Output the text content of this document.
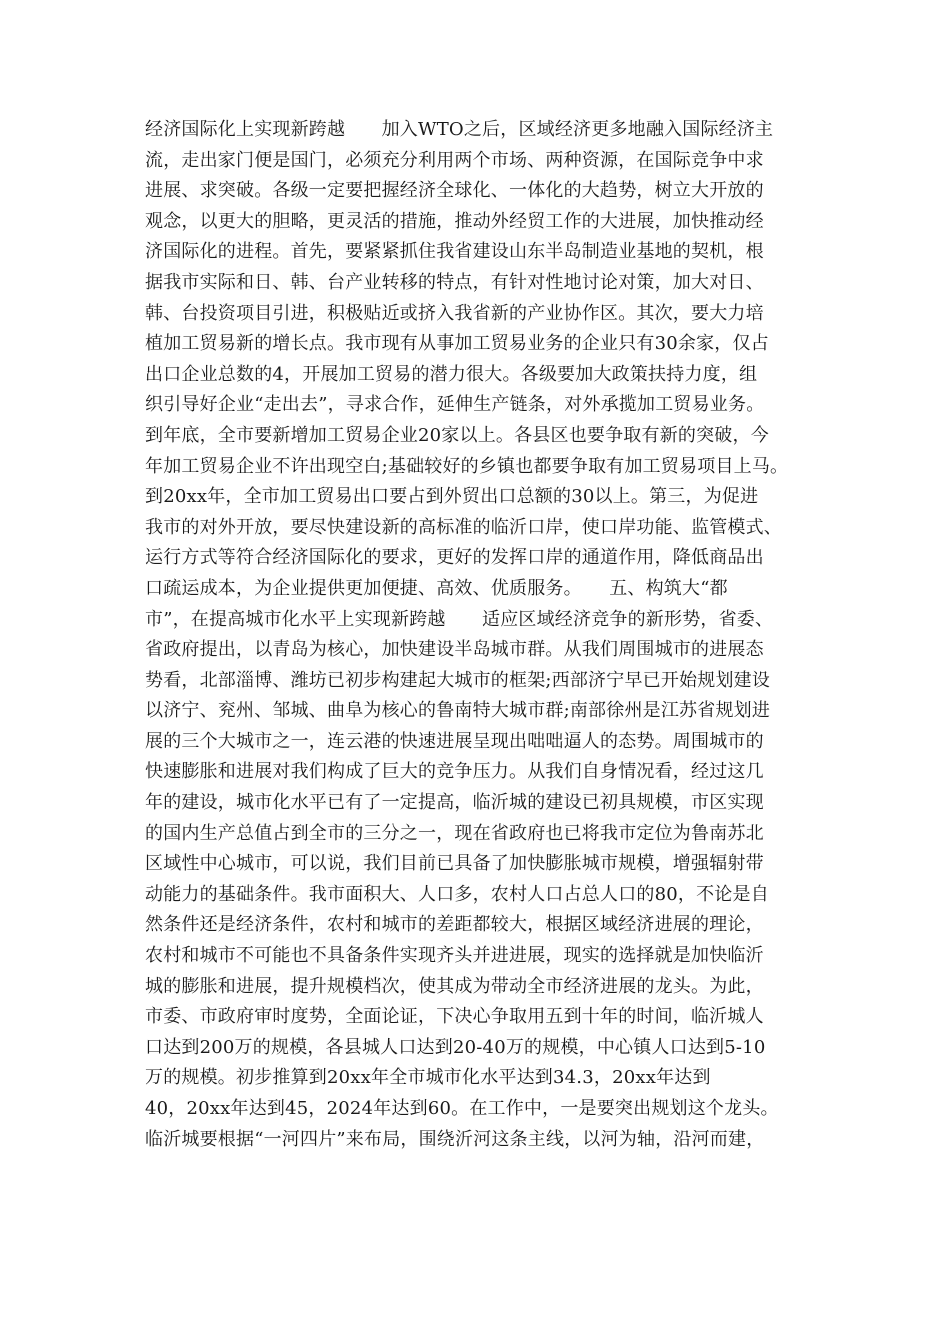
经济国际化上实现新跨越　　加入WTO之后，区域经济更多地融入国际经济主
流，走出家门便是国门，必须充分利用两个市场、两种资源，在国际竞争中求
进展、求突破。各级一定要把握经济全球化、一体化的大趋势，树立大开放的
观念，以更大的胆略，更灵活的措施，推动外经贸工作的大进展，加快推动经
济国际化的进程。首先，要紧紧抓住我省建设山东半岛制造业基地的契机，根
据我市实际和日、韩、台产业转移的特点，有针对性地讨论对策，加大对日、
韩、台投资项目引进，积极贴近或挤入我省新的产业协作区。其次，要大力培
植加工贸易新的增长点。我市现有从事加工贸易业务的企业只有30余家，仅占
出口企业总数的4，开展加工贸易的潜力很大。各级要加大政策扶持力度，组
织引导好企业“走出去”，寻求合作，延伸生产链条，对外承揽加工贸易业务。
到年底，全市要新增加工贸易企业20家以上。各县区也要争取有新的突破，今
年加工贸易企业不许出现空白;基础较好的乡镇也都要争取有加工贸易项目上马。
到20xx年，全市加工贸易出口要占到外贸出口总额的30以上。第三，为促进
我市的对外开放，要尽快建设新的高标准的临沂口岸，使口岸功能、监管模式、
运行方式等符合经济国际化的要求，更好的发挥口岸的通道作用，降低商品出
口疏运成本，为企业提供更加便捷、高效、优质服务。　　五、构筑大“都
市”，在提高城市化水平上实现新跨越　　适应区域经济竞争的新形势，省委、
省政府提出，以青岛为核心，加快建设半岛城市群。从我们周围城市的进展态
势看，北部淄博、潍坊已初步构建起大城市的框架;西部济宁早已开始规划建设
以济宁、兖州、邹城、曲阜为核心的鲁南特大城市群;南部徐州是江苏省规划进
展的三个大城市之一，连云港的快速进展呈现出咄咄逼人的态势。周围城市的
快速膨胀和进展对我们构成了巨大的竞争压力。从我们自身情况看，经过这几
年的建设，城市化水平已有了一定提高，临沂城的建设已初具规模，市区实现
的国内生产总值占到全市的三分之一，现在省政府也已将我市定位为鲁南苏北
区域性中心城市，可以说，我们目前已具备了加快膨胀城市规模，增强辐射带
动能力的基础条件。我市面积大、人口多，农村人口占总人口的80，不论是自
然条件还是经济条件，农村和城市的差距都较大，根据区域经济进展的理论，
农村和城市不可能也不具备条件实现齐头并进进展，现实的选择就是加快临沂
城的膨胀和进展，提升规模档次，使其成为带动全市经济进展的龙头。为此，
市委、市政府审时度势，全面论证，下决心争取用五到十年的时间，临沂城人
口达到200万的规模，各县城人口达到20-40万的规模，中心镇人口达到5-10
万的规模。初步推算到20xx年全市城市化水平达到34.3，20xx年达到
40，20xx年达到45，2024年达到60。在工作中，一是要突出规划这个龙头。
临沂城要根据“一河四片”来布局，围绕沂河这条主线，以河为轴，沿河而建，
